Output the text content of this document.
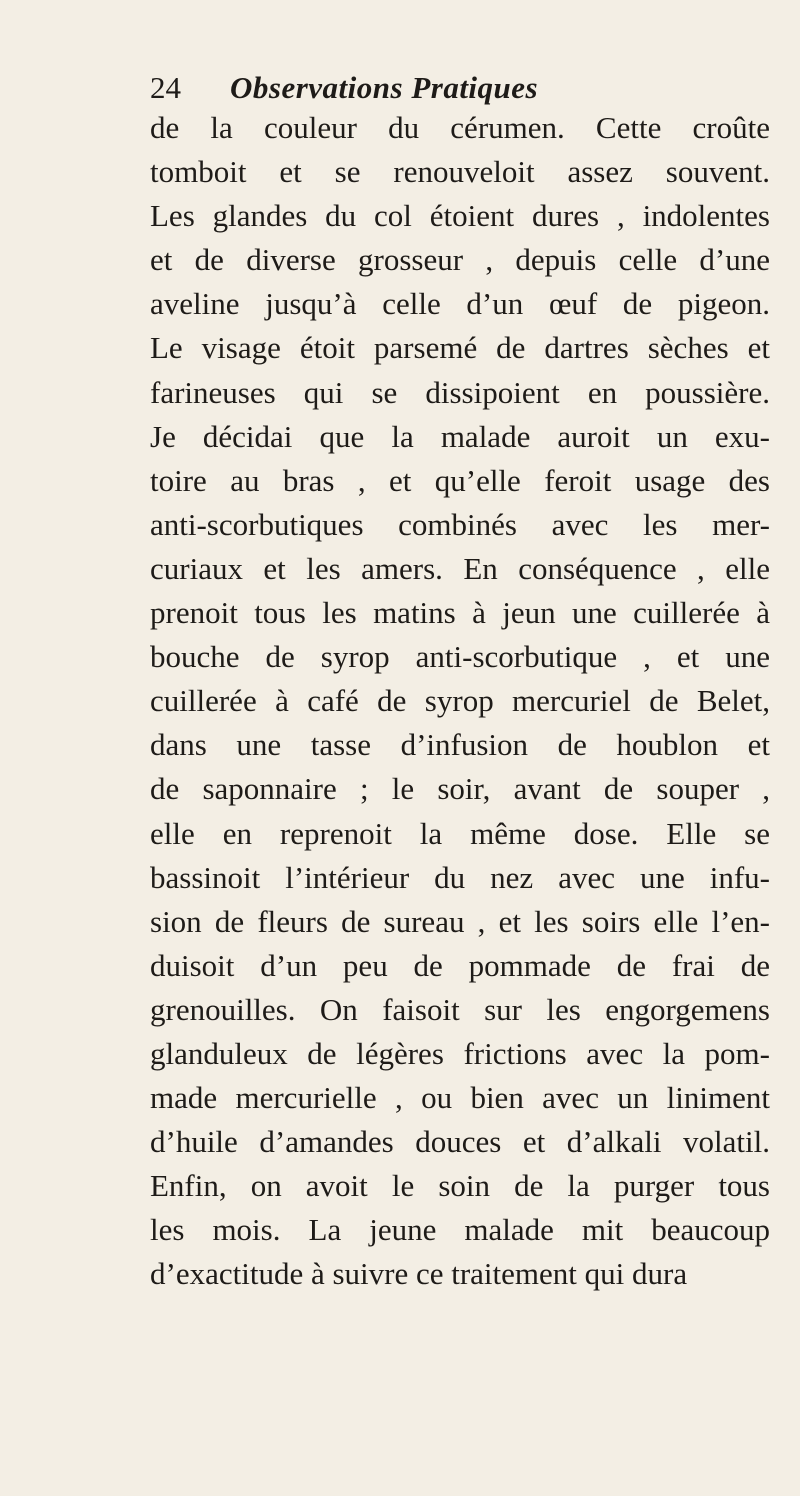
24 Observations Pratiques
de la couleur du cérumen. Cette croûte
tomboit et se renouveloit assez souvent.
Les glandes du col étoient dures , indolentes
et de diverse grosseur , depuis celle d’une
aveline jusqu’à celle d’un œuf de pigeon.
Le visage étoit parsemé de dartres sèches et
farineuses qui se dissipoient en poussière.
Je décidai que la malade auroit un exu-
toire au bras , et qu’elle feroit usage des
anti-scorbutiques combinés avec les mer-
curiaux et les amers. En conséquence , elle
prenoit tous les matins à jeun une cuillerée à
bouche de syrop anti-scorbutique , et une
cuillerée à café de syrop mercuriel de Belet,
dans une tasse d’infusion de houblon et
de saponnaire ; le soir, avant de souper ,
elle en reprenoit la même dose. Elle se
bassinoit l’intérieur du nez avec une infu-
sion de fleurs de sureau , et les soirs elle l’en-
duisoit d’un peu de pommade de frai de
grenouilles. On faisoit sur les engorgemens
glanduleux de légères frictions avec la pom-
made mercurielle , ou bien avec un liniment
d’huile d’amandes douces et d’alkali volatil.
Enfin, on avoit le soin de la purger tous
les mois. La jeune malade mit beaucoup
d’exactitude à suivre ce traitement qui dura
